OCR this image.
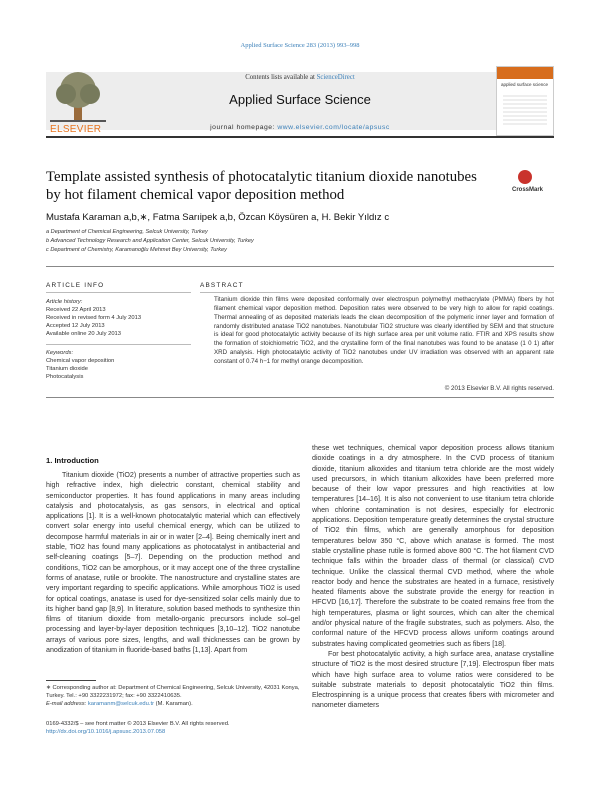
Applied Surface Science 283 (2013) 993–998
ELSEVIER
Contents lists available at ScienceDirect
Applied Surface Science
journal homepage: www.elsevier.com/locate/apsusc
applied surface science
Template assisted synthesis of photocatalytic titanium dioxide nanotubes by hot filament chemical vapor deposition method	CrossMark
Mustafa Karaman a,b,∗, Fatma Sarıipek a,b, Özcan Köysüren a, H. Bekir Yıldız c
a Department of Chemical Engineering, Selcuk University, Turkey
b Advanced Technology Research and Application Center, Selcuk University, Turkey
c Department of Chemistry, Karamanoğlu Mehmet Bey University, Turkey
ARTICLE INFO	ABSTRACT
Article history:
Received 22 April 2013
Received in revised form 4 July 2013
Accepted 12 July 2013
Available online 20 July 2013
Keywords:
Chemical vapor deposition
Titanium dioxide
Photocatalysis
Titanium dioxide thin films were deposited conformally over electrospun polymethyl methacrylate (PMMA) fibers by hot filament chemical vapor deposition method. Deposition rates were observed to be very high to allow for rapid coatings. Thermal annealing of as deposited materials leads the clean decomposition of the polymeric inner layer and formation of randomly distributed anatase TiO2 nanotubes. Nanotubular TiO2 structure was clearly identified by SEM and that structure is ideal for good photocatalytic activity because of its high surface area per unit volume ratio. FTIR and XPS results show the formation of stoichiometric TiO2, and the crystalline form of the final nanotubes was found to be anatase (1 0 1) after XRD analysis. High photocatalytic activity of TiO2 nanotubes under UV irradiation was observed with an apparent rate constant of 0.74 h−1 for methyl orange decomposition.
© 2013 Elsevier B.V. All rights reserved.
1. Introduction

Titanium dioxide (TiO2) presents a number of attractive properties such as high refractive index, high dielectric constant, chemical stability and semiconductor properties. It has found applications in many areas including catalysis and photocatalysis, as gas sensors, in electrical and optical applications [1]. It is a well-known photocatalytic material which can effectively convert solar energy into useful chemical energy, which can be utilized to decompose harmful materials in air or in water [2–4]. Being chemically inert and stable, TiO2 has found many applications as photocatalyst in antibacterial and self-cleaning coatings [5–7]. Depending on the production method and conditions, TiO2 can be amorphous, or it may accept one of the three crystalline forms of anatase, rutile or brookite. The nanostructure and crystalline states are very important regarding to specific applications. While amorphous TiO2 is used for optical coatings, anatase is used for dye-sensitized solar cells mainly due to its higher band gap [8,9]. In literature, solution based methods to synthesize thin films of titanium dioxide from metallo-organic precursors include sol–gel processing and layer-by-layer deposition techniques [3,10–12]. TiO2 nanotube arrays of various pore sizes, lengths, and wall thicknesses can be grown by anodization of titanium in fluoride-based baths [1,13]. Apart from

these wet techniques, chemical vapor deposition process allows titanium dioxide coatings in a dry atmosphere. In the CVD process of titanium dioxide, titanium alkoxides and titanium tetra chloride are the most widely used precursors, in which titanium alkoxides have been preferred more because of their low vapor pressures and high reactivities at low temperatures [14–16]. It is also not convenient to use titanium tetra chloride when chlorine contamination is not desires, especially for electronic applications. Deposition temperature greatly determines the crystal structure of TiO2 thin films, which are generally amorphous for deposition temperatures below 350 °C, above which anatase is formed. The most stable crystalline phase rutile is formed above 800 °C. The hot filament CVD technique falls within the broader class of thermal (or classical) CVD technique. Unlike the classical thermal CVD method, where the whole reactor body and hence the substrates are heated in a furnace, resistively heated filaments above the substrate provide the energy for reaction in HFCVD [16,17]. Therefore the substrate to be coated remains free from the high temperatures, plasma or light sources, which can alter the chemical and/or physical nature of the fragile substrates, such as polymers. Also, the conformal nature of the HFCVD process allows uniform coatings around substrates having complicated geometries such as fibers [18].

For best photocatalytic activity, a high surface area, anatase crystalline structure of TiO2 is the most desired structure [7,19]. Electrospun fiber mats which have high surface area to volume ratios were considered to be suitable substrate materials to deposit photocatalytic TiO2 thin films. Electrospinning is a unique process that creates fibers with micrometer and nanometer diameters

∗ Corresponding author at: Department of Chemical Engineering, Selcuk University, 42031 Konya, Turkey. Tel.: +90 3322231972; fax: +90 3322410635.
E-mail address: karamanm@selcuk.edu.tr (M. Karaman).
0169-4332/$ – see front matter © 2013 Elsevier B.V. All rights reserved.
http://dx.doi.org/10.1016/j.apsusc.2013.07.058
